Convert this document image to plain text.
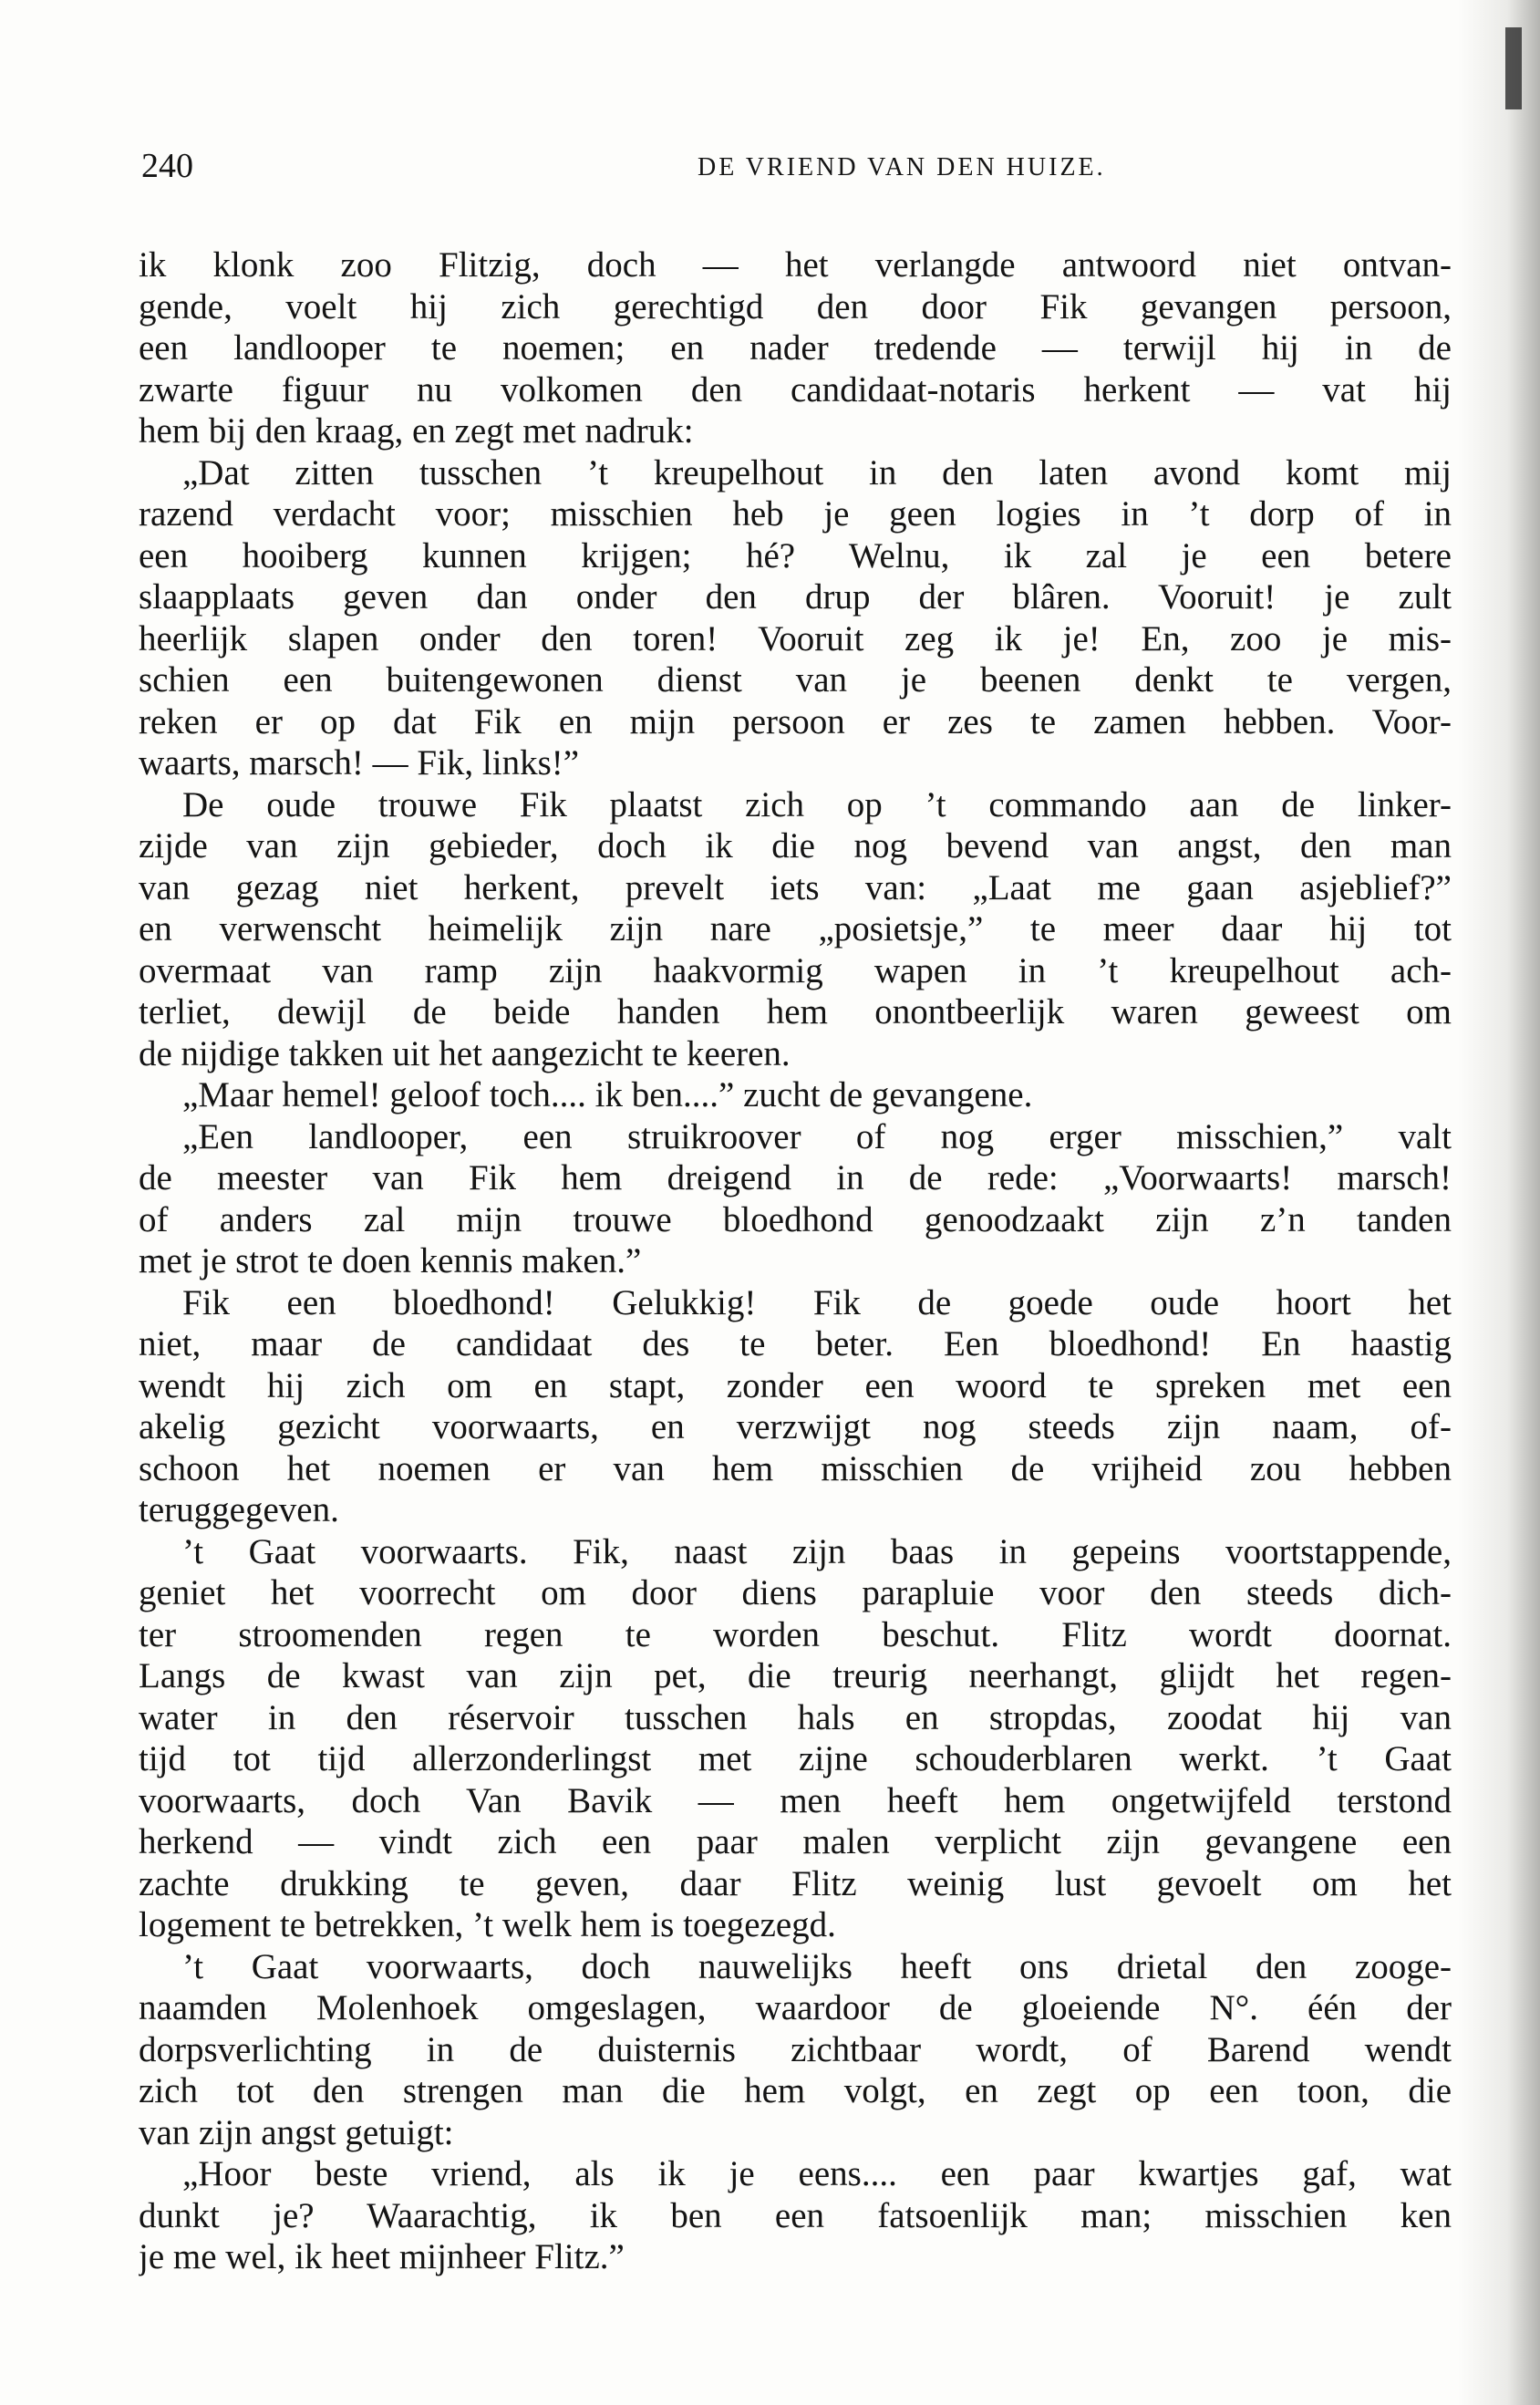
240	DE VRIEND VAN DEN HUIZE.
ik klonk zoo Flitzig, doch — het verlangde antwoord niet ontvan-
gende, voelt hij zich gerechtigd den door Fik gevangen persoon,
een landlooper te noemen; en nader tredende — terwijl hij in de
zwarte figuur nu volkomen den candidaat-notaris herkent — vat hij
hem bij den kraag, en zegt met nadruk:
„Dat zitten tusschen ’t kreupelhout in den laten avond komt mij
razend verdacht voor; misschien heb je geen logies in ’t dorp of in
een hooiberg kunnen krijgen; hé? Welnu, ik zal je een betere
slaapplaats geven dan onder den drup der blâren. Vooruit! je zult
heerlijk slapen onder den toren! Vooruit zeg ik je! En, zoo je mis-
schien een buitengewonen dienst van je beenen denkt te vergen,
reken er op dat Fik en mijn persoon er zes te zamen hebben. Voor-
waarts, marsch! — Fik, links!”
De oude trouwe Fik plaatst zich op ’t commando aan de linker-
zijde van zijn gebieder, doch ik die nog bevend van angst, den man
van gezag niet herkent, prevelt iets van: „Laat me gaan asjeblief?”
en verwenscht heimelijk zijn nare „posietsje,” te meer daar hij tot
overmaat van ramp zijn haakvormig wapen in ’t kreupelhout ach-
terliet, dewijl de beide handen hem onontbeerlijk waren geweest om
de nijdige takken uit het aangezicht te keeren.
„Maar hemel! geloof toch.... ik ben....” zucht de gevangene.
„Een landlooper, een struikroover of nog erger misschien,” valt
de meester van Fik hem dreigend in de rede: „Voorwaarts! marsch!
of anders zal mijn trouwe bloedhond genoodzaakt zijn z’n tanden
met je strot te doen kennis maken.”
Fik een bloedhond! Gelukkig! Fik de goede oude hoort het
niet, maar de candidaat des te beter. Een bloedhond! En haastig
wendt hij zich om en stapt, zonder een woord te spreken met een
akelig gezicht voorwaarts, en verzwijgt nog steeds zijn naam, of-
schoon het noemen er van hem misschien de vrijheid zou hebben
teruggegeven.
’t Gaat voorwaarts. Fik, naast zijn baas in gepeins voortstappende,
geniet het voorrecht om door diens parapluie voor den steeds dich-
ter stroomenden regen te worden beschut. Flitz wordt doornat.
Langs de kwast van zijn pet, die treurig neerhangt, glijdt het regen-
water in den réservoir tusschen hals en stropdas, zoodat hij van
tijd tot tijd allerzonderlingst met zijne schouderblaren werkt. ’t Gaat
voorwaarts, doch Van Bavik — men heeft hem ongetwijfeld terstond
herkend — vindt zich een paar malen verplicht zijn gevangene een
zachte drukking te geven, daar Flitz weinig lust gevoelt om het
logement te betrekken, ’t welk hem is toegezegd.
’t Gaat voorwaarts, doch nauwelijks heeft ons drietal den zooge-
naamden Molenhoek omgeslagen, waardoor de gloeiende N°. één der
dorpsverlichting in de duisternis zichtbaar wordt, of Barend wendt
zich tot den strengen man die hem volgt, en zegt op een toon, die
van zijn angst getuigt:
„Hoor beste vriend, als ik je eens.... een paar kwartjes gaf, wat
dunkt je? Waarachtig, ik ben een fatsoenlijk man; misschien ken
je me wel, ik heet mijnheer Flitz.”
